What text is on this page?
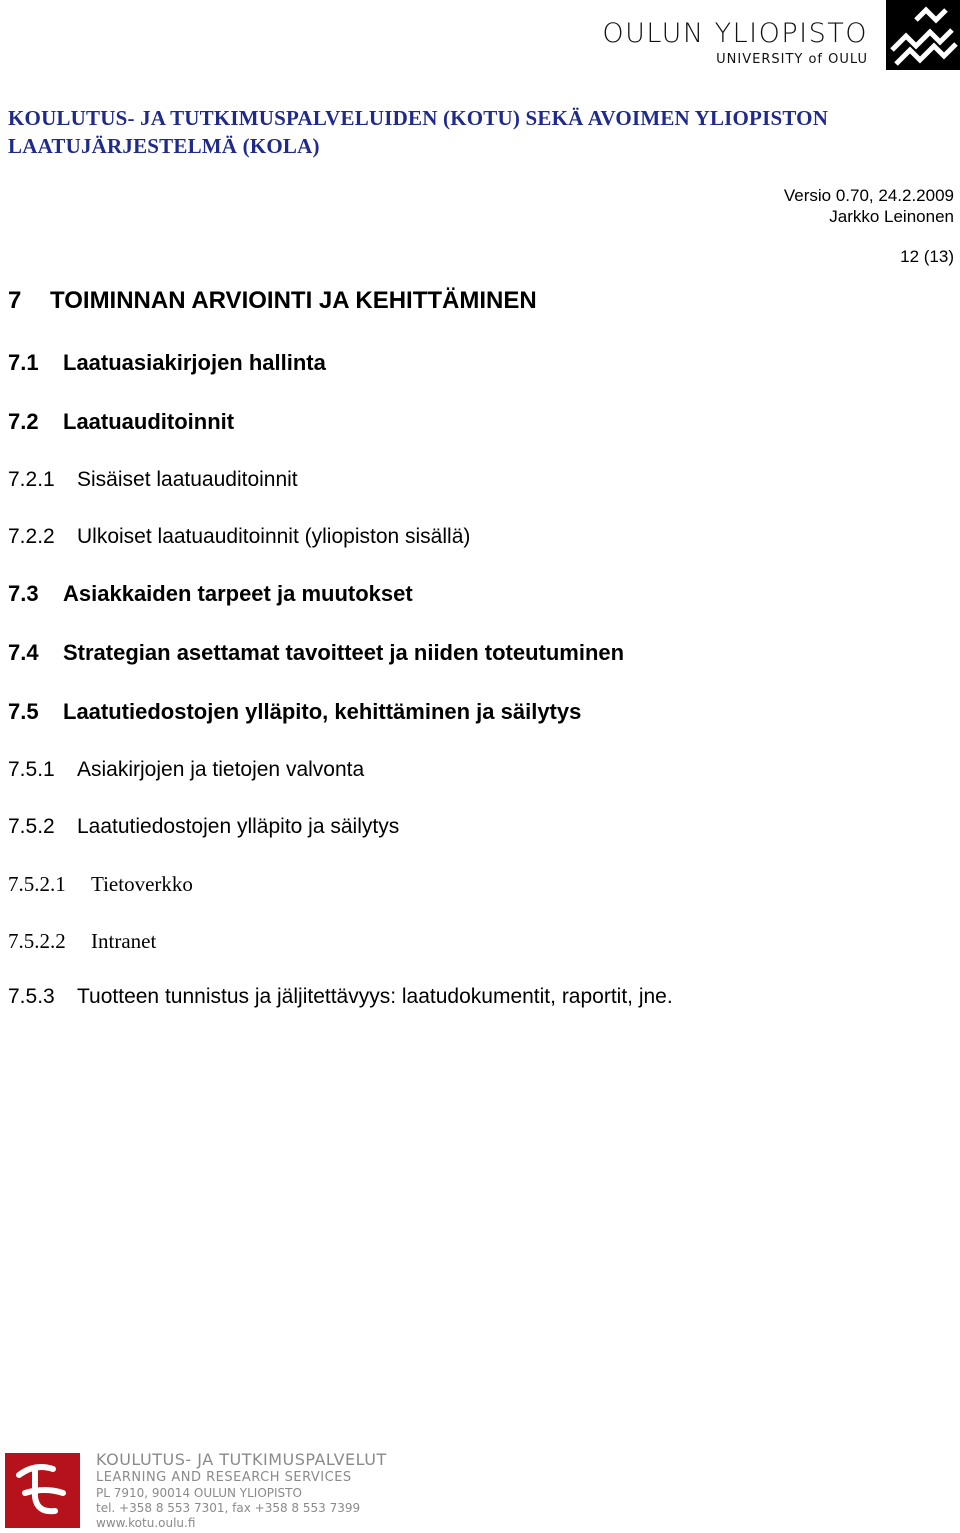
OULUN YLIOPISTO
UNIVERSITY of OULU
KOULUTUS- JA TUTKIMUSPALVELUIDEN (KOTU) SEKÄ AVOIMEN YLIOPISTON
LAATUJÄRJESTELMÄ (KOLA)
Versio 0.70, 24.2.2009
Jarkko Leinonen
12 (13)
7 TOIMINNAN ARVIOINTI JA KEHITTÄMINEN
7.1 Laatuasiakirjojen hallinta
7.2 Laatuauditoinnit
7.2.1 Sisäiset laatuauditoinnit
7.2.2 Ulkoiset laatuauditoinnit (yliopiston sisällä)
7.3 Asiakkaiden tarpeet ja muutokset
7.4 Strategian asettamat tavoitteet ja niiden toteutuminen
7.5 Laatutiedostojen ylläpito, kehittäminen ja säilytys
7.5.1 Asiakirjojen ja tietojen valvonta
7.5.2 Laatutiedostojen ylläpito ja säilytys
7.5.2.1 Tietoverkko
7.5.2.2 Intranet
7.5.3 Tuotteen tunnistus ja jäljitettävyys: laatudokumentit, raportit, jne.
KOULUTUS- JA TUTKIMUSPALVELUT
LEARNING AND RESEARCH SERVICES
PL 7910, 90014 OULUN YLIOPISTO
tel. +358 8 553 7301, fax +358 8 553 7399
www.kotu.oulu.fi
